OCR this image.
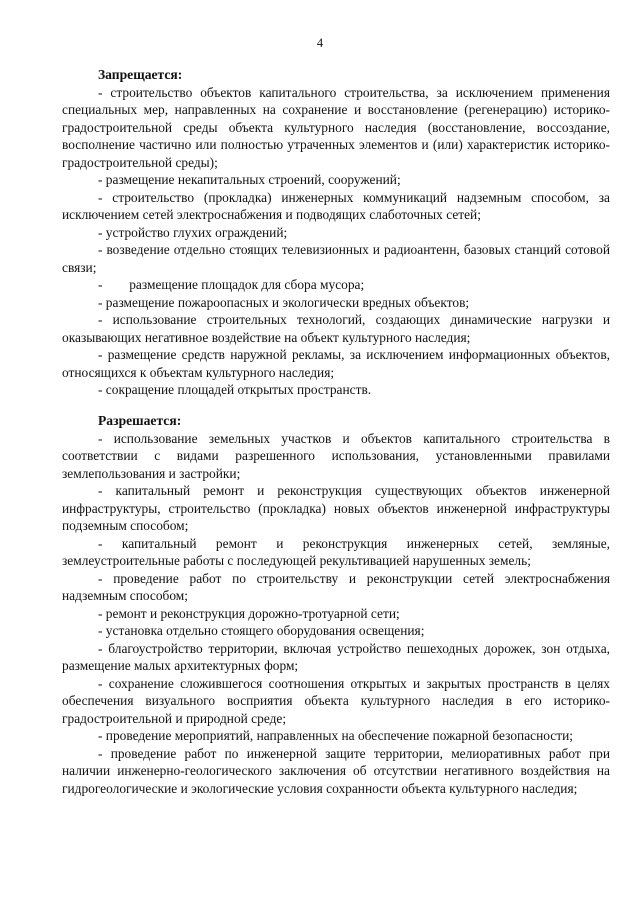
4

Запрещается:

- строительство объектов капитального строительства, за исключением применения специальных мер, направленных на сохранение и восстановление (регенерацию) историко-градостроительной среды объекта культурного наследия (восстановление, воссоздание, восполнение частично или полностью утраченных элементов и (или) характеристик историко-градостроительной среды);

- размещение некапитальных строений, сооружений;

- строительство (прокладка) инженерных коммуникаций надземным способом, за исключением сетей электроснабжения и подводящих слаботочных сетей;

- устройство глухих ограждений;

- возведение отдельно стоящих телевизионных и радиоантенн, базовых станций сотовой связи;

-        размещение площадок для сбора мусора;

- размещение пожароопасных и экологически вредных объектов;

- использование строительных технологий, создающих динамические нагрузки и оказывающих негативное воздействие на объект культурного наследия;

- размещение средств наружной рекламы, за исключением информационных объектов, относящихся к объектам культурного наследия;

- сокращение площадей открытых пространств.

Разрешается:

- использование земельных участков и объектов капитального строительства в соответствии с видами разрешенного использования, установленными правилами землепользования и застройки;

- капитальный ремонт и реконструкция существующих объектов инженерной инфраструктуры, строительство (прокладка) новых объектов инженерной инфраструктуры подземным способом;

- капитальный ремонт и реконструкция инженерных сетей, земляные, землеустроительные работы с последующей рекультивацией нарушенных земель;

- проведение работ по строительству и реконструкции сетей электроснабжения надземным способом;

- ремонт и реконструкция дорожно-тротуарной сети;

- установка отдельно стоящего оборудования освещения;

- благоустройство территории, включая устройство пешеходных дорожек, зон отдыха, размещение малых архитектурных форм;

- сохранение сложившегося соотношения открытых и закрытых пространств в целях обеспечения визуального восприятия объекта культурного наследия в его историко-градостроительной и природной среде;

- проведение мероприятий, направленных на обеспечение пожарной безопасности;

- проведение работ по инженерной защите территории, мелиоративных работ при наличии инженерно-геологического заключения об отсутствии негативного воздействия на гидрогеологические и экологические условия сохранности объекта культурного наследия;
